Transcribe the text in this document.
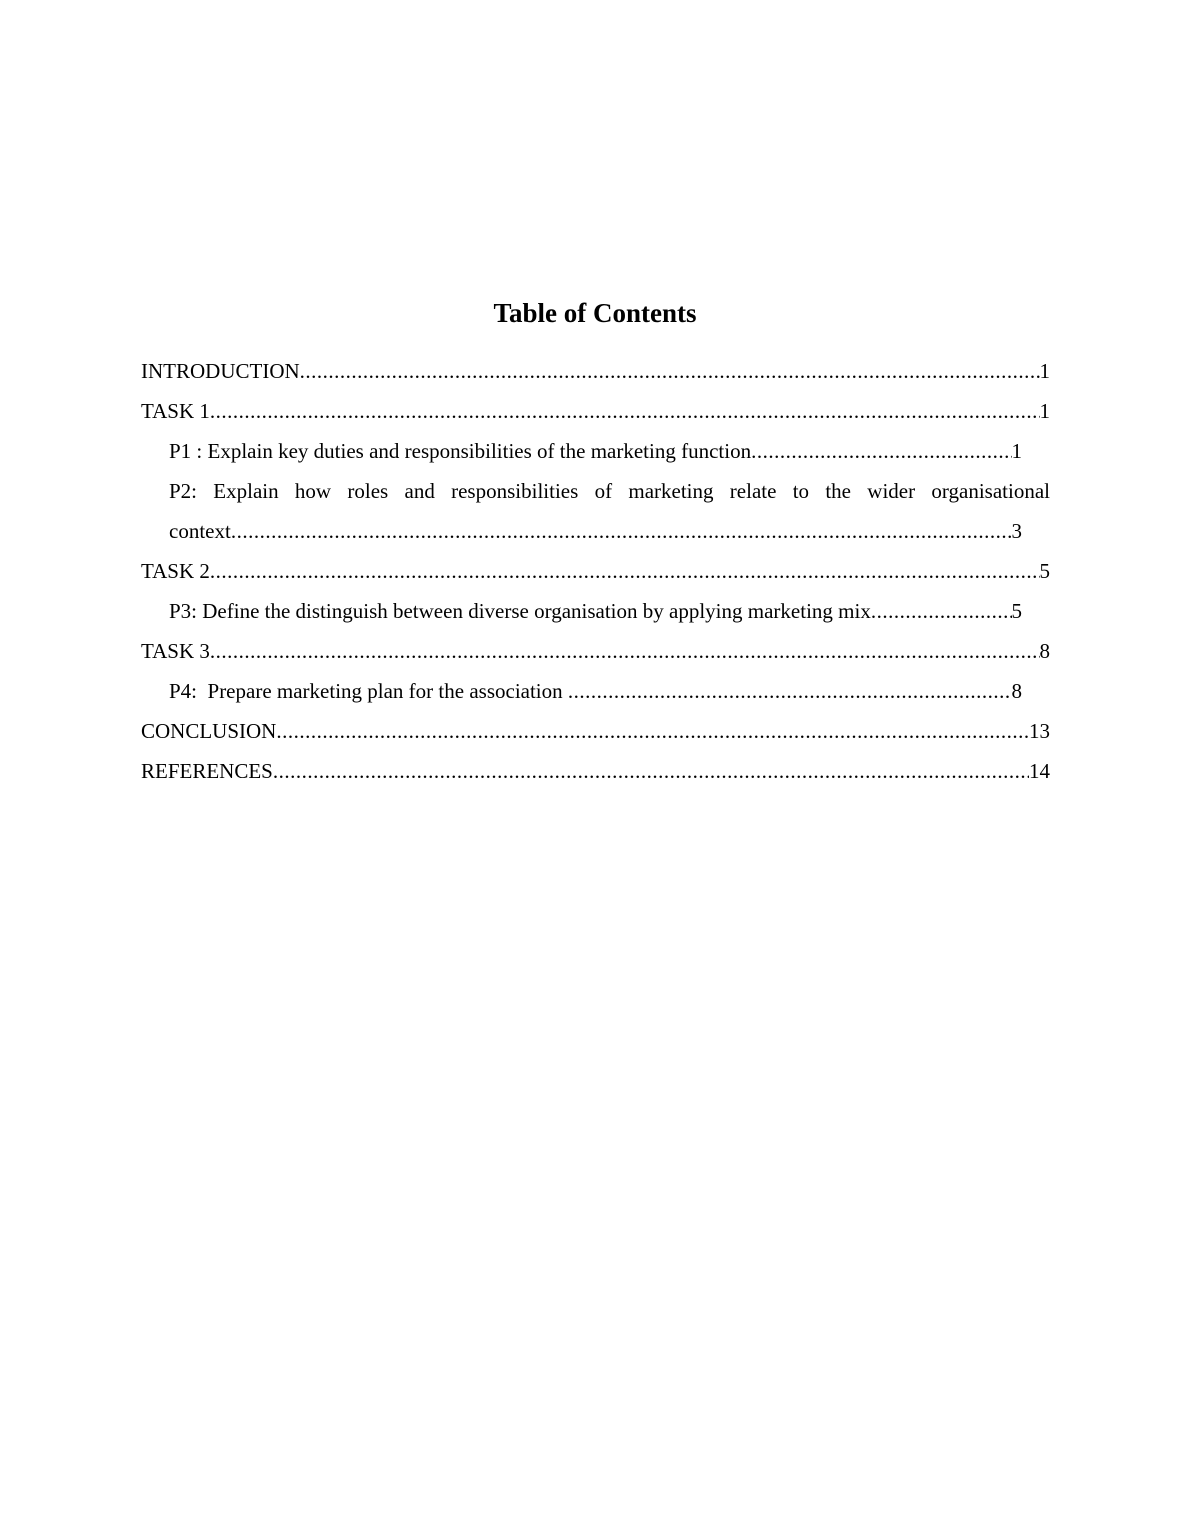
Table of Contents
INTRODUCTION .....	1
TASK 1 .....	1
P1 : Explain key duties and responsibilities of the marketing function .....	1
P2: Explain how roles and responsibilities of marketing relate to the wider organisational
context .....	3
TASK 2 .....	5
P3: Define the distinguish between diverse organisation by applying marketing mix .....	5
TASK 3 .....	8
P4:  Prepare marketing plan for the association .....	8
CONCLUSION .....	13
REFERENCES .....	14
